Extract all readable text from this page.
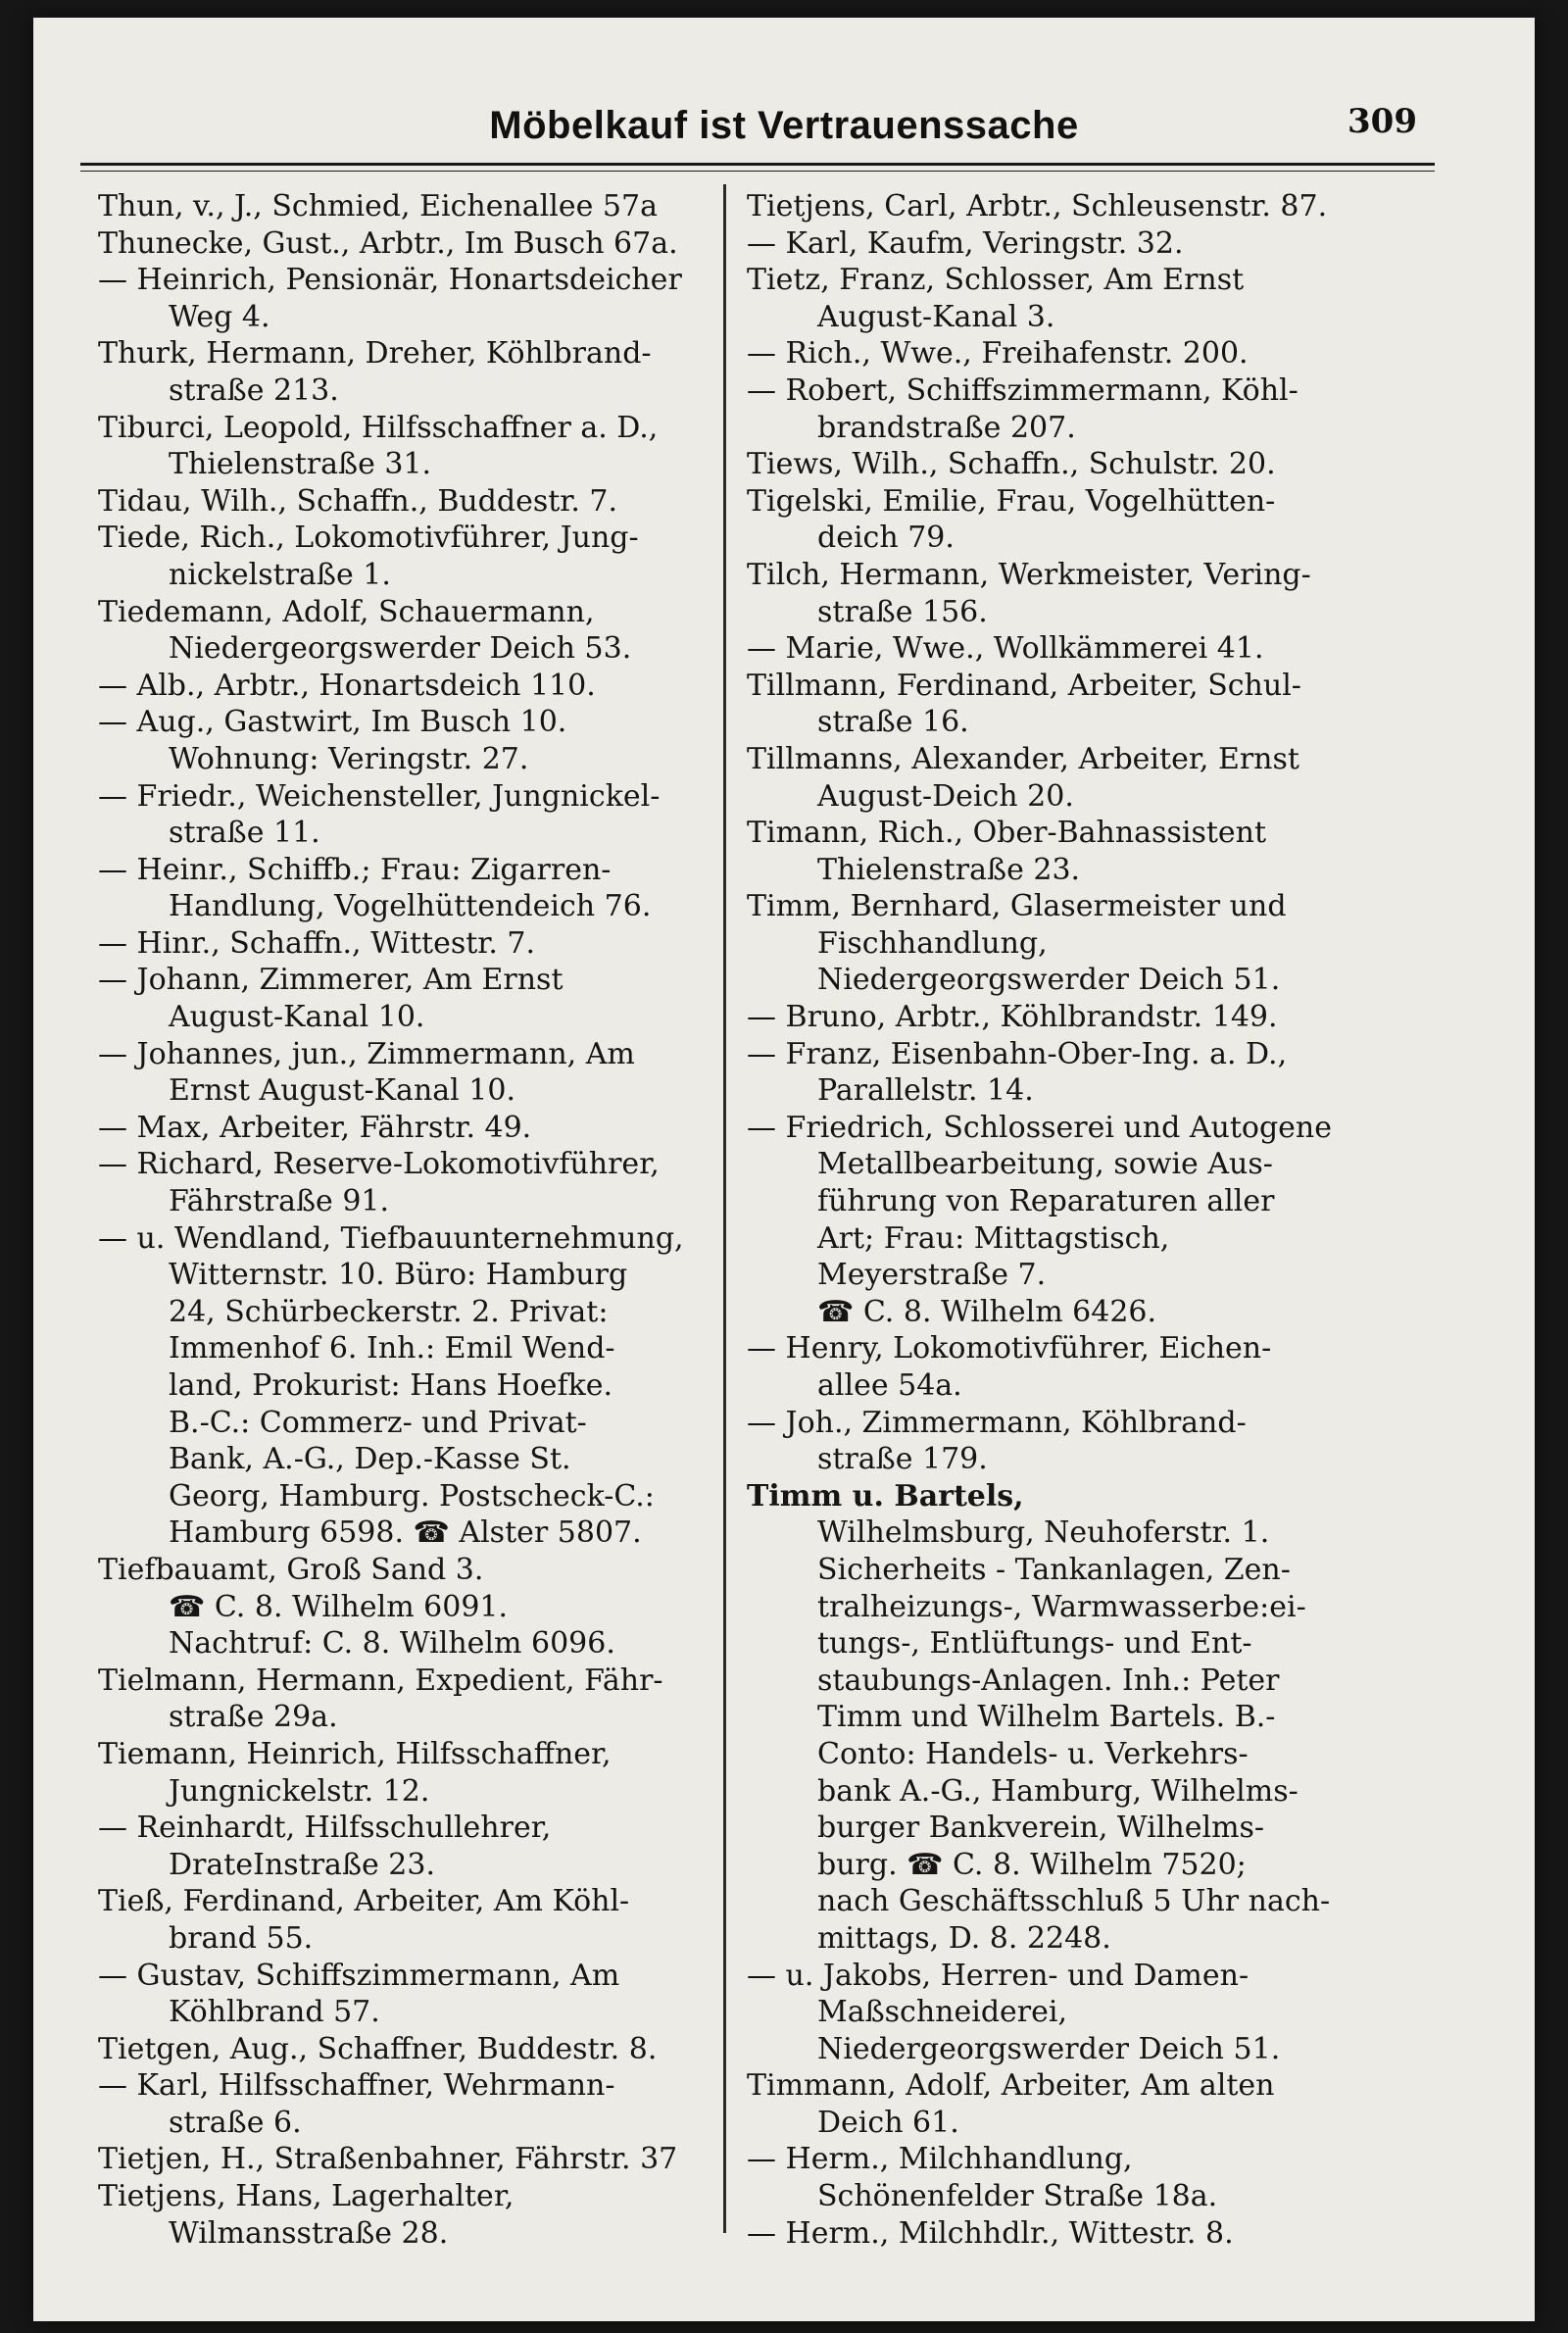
Möbelkauf ist Vertrauenssache	309
Thun, v., J., Schmied, Eichenallee 57a
Thunecke, Gust., Arbtr., Im Busch 67a.
— Heinrich, Pensionär, Honartsdeicher
Weg 4.
Thurk, Hermann, Dreher, Köhlbrand-
straße 213.
Tiburci, Leopold, Hilfsschaffner a. D.,
Thielenstraße 31.
Tidau, Wilh., Schaffn., Buddestr. 7.
Tiede, Rich., Lokomotivführer, Jung-
nickelstraße 1.
Tiedemann, Adolf, Schauermann,
Niedergeorgswerder Deich 53.
— Alb., Arbtr., Honartsdeich 110.
— Aug., Gastwirt, Im Busch 10.
Wohnung: Veringstr. 27.
— Friedr., Weichensteller, Jungnickel-
straße 11.
— Heinr., Schiffb.; Frau: Zigarren-
Handlung, Vogelhüttendeich 76.
— Hinr., Schaffn., Wittestr. 7.
— Johann, Zimmerer, Am Ernst
August-Kanal 10.
— Johannes, jun., Zimmermann, Am
Ernst August-Kanal 10.
— Max, Arbeiter, Fährstr. 49.
— Richard, Reserve-Lokomotivführer,
Fährstraße 91.
— u. Wendland, Tiefbauunternehmung,
Witternstr. 10. Büro: Hamburg
24, Schürbeckerstr. 2. Privat:
Immenhof 6. Inh.: Emil Wend-
land, Prokurist: Hans Hoefke.
B.-C.: Commerz- und Privat-
Bank, A.-G., Dep.-Kasse St.
Georg, Hamburg. Postscheck-C.:
Hamburg 6598. ☎ Alster 5807.
Tiefbauamt, Groß Sand 3.
☎ C. 8. Wilhelm 6091.
Nachtruf: C. 8. Wilhelm 6096.
Tielmann, Hermann, Expedient, Fähr-
straße 29a.
Tiemann, Heinrich, Hilfsschaffner,
Jungnickelstr. 12.
— Reinhardt, Hilfsschullehrer,
DrateInstraße 23.
Tieß, Ferdinand, Arbeiter, Am Köhl-
brand 55.
— Gustav, Schiffszimmermann, Am
Köhlbrand 57.
Tietgen, Aug., Schaffner, Buddestr. 8.
— Karl, Hilfsschaffner, Wehrmann-
straße 6.
Tietjen, H., Straßenbahner, Fährstr. 37
Tietjens, Hans, Lagerhalter,
Wilmansstraße 28.
Tietjens, Carl, Arbtr., Schleusenstr. 87.
— Karl, Kaufm, Veringstr. 32.
Tietz, Franz, Schlosser, Am Ernst
August-Kanal 3.
— Rich., Wwe., Freihafenstr. 200.
— Robert, Schiffszimmermann, Köhl-
brandstraße 207.
Tiews, Wilh., Schaffn., Schulstr. 20.
Tigelski, Emilie, Frau, Vogelhütten-
deich 79.
Tilch, Hermann, Werkmeister, Vering-
straße 156.
— Marie, Wwe., Wollkämmerei 41.
Tillmann, Ferdinand, Arbeiter, Schul-
straße 16.
Tillmanns, Alexander, Arbeiter, Ernst
August-Deich 20.
Timann, Rich., Ober-Bahnassistent
Thielenstraße 23.
Timm, Bernhard, Glasermeister und
Fischhandlung,
Niedergeorgswerder Deich 51.
— Bruno, Arbtr., Köhlbrandstr. 149.
— Franz, Eisenbahn-Ober-Ing. a. D.,
Parallelstr. 14.
— Friedrich, Schlosserei und Autogene
Metallbearbeitung, sowie Aus-
führung von Reparaturen aller
Art; Frau: Mittagstisch,
Meyerstraße 7.
☎ C. 8. Wilhelm 6426.
— Henry, Lokomotivführer, Eichen-
allee 54a.
— Joh., Zimmermann, Köhlbrand-
straße 179.
Timm u. Bartels,
Wilhelmsburg, Neuhoferstr. 1.
Sicherheits - Tankanlagen, Zen-
tralheizungs-, Warmwasserbe:ei-
tungs-, Entlüftungs- und Ent-
staubungs-Anlagen. Inh.: Peter
Timm und Wilhelm Bartels. B.-
Conto: Handels- u. Verkehrs-
bank A.-G., Hamburg, Wilhelms-
burger Bankverein, Wilhelms-
burg. ☎ C. 8. Wilhelm 7520;
nach Geschäftsschluß 5 Uhr nach-
mittags, D. 8. 2248.
— u. Jakobs, Herren- und Damen-
Maßschneiderei,
Niedergeorgswerder Deich 51.
Timmann, Adolf, Arbeiter, Am alten
Deich 61.
— Herm., Milchhandlung,
Schönenfelder Straße 18a.
— Herm., Milchhdlr., Wittestr. 8.
